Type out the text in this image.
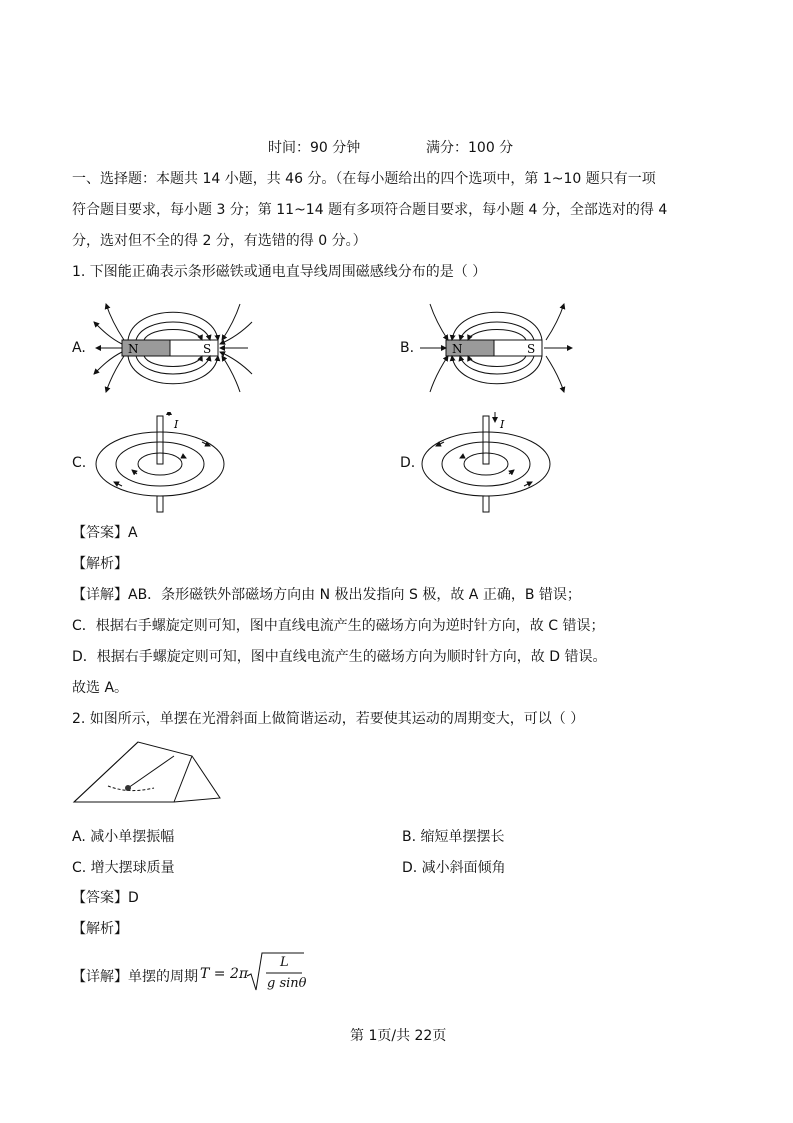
时间：90 分钟	满分：100 分
一、选择题：本题共 14 小题，共 46 分。（在每小题给出的四个选项中，第 1~10 题只有一项
符合题目要求，每小题 3 分；第 11~14 题有多项符合题目要求，每小题 4 分，全部选对的得 4
分，选对但不全的得 2 分，有选错的得 0 分。）
1. 下图能正确表示条形磁铁或通电直导线周围磁感线分布的是（ ）
A.	N	S	B.	N	S
C.
I
D.
I
【答案】A
【解析】
【详解】AB．条形磁铁外部磁场方向由 N 极出发指向 S 极，故 A 正确，B 错误；
C．根据右手螺旋定则可知，图中直线电流产生的磁场方向为逆时针方向，故 C 错误；
D．根据右手螺旋定则可知，图中直线电流产生的磁场方向为顺时针方向，故 D 错误。
故选 A。
2. 如图所示，单摆在光滑斜面上做简谐运动，若要使其运动的周期变大，可以（ ）
A. 减小单摆振幅	B. 缩短单摆摆长
C. 增大摆球质量	D. 减小斜面倾角
【答案】D
【解析】
【详解】单摆的周期 T = 2π
L
g sinθ
第 1页/共 22页
